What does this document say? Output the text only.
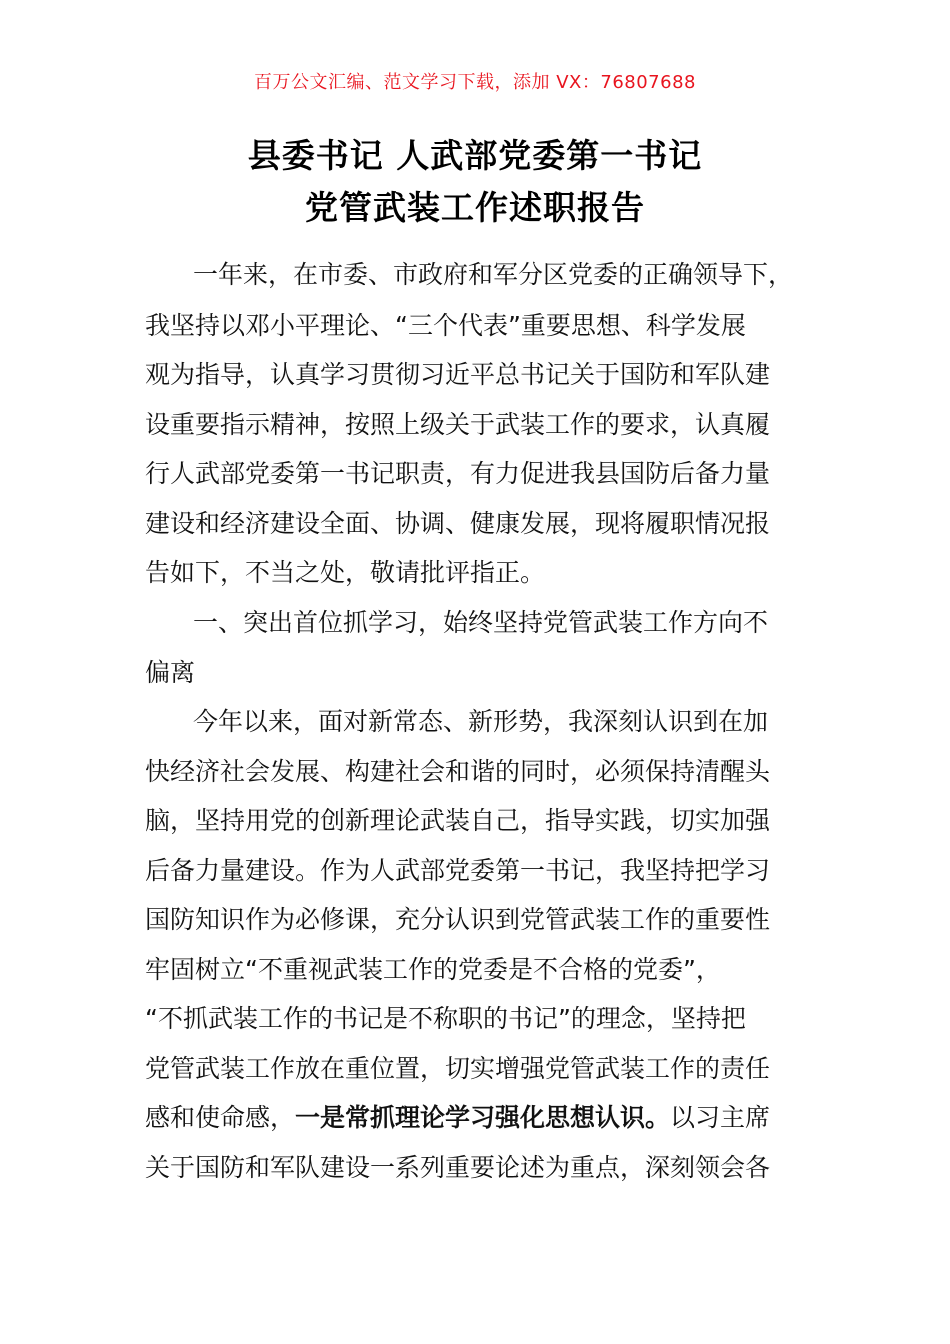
百万公文汇编、范文学习下载，添加 VX：76807688
县委书记 人武部党委第一书记
党管武装工作述职报告
一年来，在市委、市政府和军分区党委的正确领导下，
我坚持以邓小平理论、“三个代表”重要思想、科学发展
观为指导，认真学习贯彻习近平总书记关于国防和军队建
设重要指示精神，按照上级关于武装工作的要求，认真履
行人武部党委第一书记职责，有力促进我县国防后备力量
建设和经济建设全面、协调、健康发展，现将履职情况报
告如下，不当之处，敬请批评指正。
一、突出首位抓学习，始终坚持党管武装工作方向不
偏离
今年以来，面对新常态、新形势，我深刻认识到在加
快经济社会发展、构建社会和谐的同时，必须保持清醒头
脑，坚持用党的创新理论武装自己，指导实践，切实加强
后备力量建设。作为人武部党委第一书记，我坚持把学习
国防知识作为必修课，充分认识到党管武装工作的重要性
牢固树立“不重视武装工作的党委是不合格的党委”，
“不抓武装工作的书记是不称职的书记”的理念，坚持把
党管武装工作放在重位置，切实增强党管武装工作的责任
感和使命感，一是常抓理论学习强化思想认识。以习主席
关于国防和军队建设一系列重要论述为重点，深刻领会各
